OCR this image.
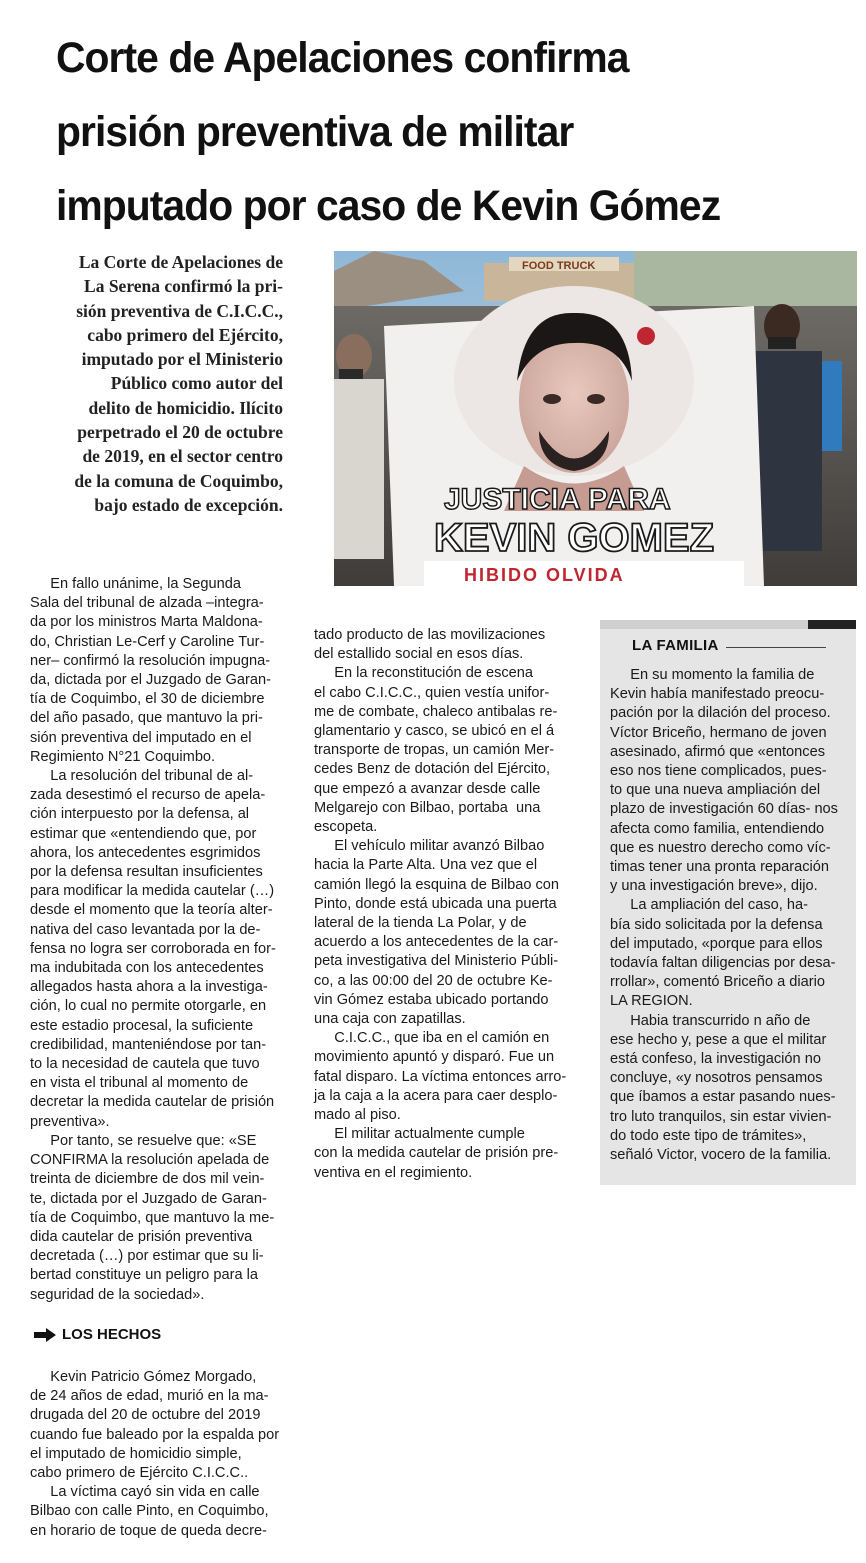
Corte de Apelaciones confirma
prisión preventiva de militar
imputado por caso de Kevin Gómez
La Corte de Apelaciones de
La Serena confirmó la pri-
sión preventiva de C.I.C.C.,
cabo primero del Ejército,
imputado por el Ministerio
Público como autor del
delito de homicidio. Ilícito
perpetrado el 20 de octubre
de 2019, en el sector centro
de la comuna de Coquimbo,
bajo estado de excepción.
FOOD TRUCK
JUSTICIA PARA
KEVIN GOMEZ
HIBIDO OLVIDA
En fallo unánime, la Segunda
Sala del tribunal de alzada –integra-
da por los ministros Marta Maldona-
do, Christian Le-Cerf y Caroline Tur-
ner– confirmó la resolución impugna-
da, dictada por el Juzgado de Garan-
tía de Coquimbo, el 30 de diciembre
del año pasado, que mantuvo la pri-
sión preventiva del imputado en el
Regimiento N°21 Coquimbo.
La resolución del tribunal de al-
zada desestimó el recurso de apela-
ción interpuesto por la defensa, al
estimar que «entendiendo que, por
ahora, los antecedentes esgrimidos
por la defensa resultan insuficientes
para modificar la medida cautelar (…)
desde el momento que la teoría alter-
nativa del caso levantada por la de-
fensa no logra ser corroborada en for-
ma indubitada con los antecedentes
allegados hasta ahora a la investiga-
ción, lo cual no permite otorgarle, en
este estadio procesal, la suficiente
credibilidad, manteniéndose por tan-
to la necesidad de cautela que tuvo
en vista el tribunal al momento de
decretar la medida cautelar de prisión
preventiva».
Por tanto, se resuelve que: «SE
CONFIRMA la resolución apelada de
treinta de diciembre de dos mil vein-
te, dictada por el Juzgado de Garan-
tía de Coquimbo, que mantuvo la me-
dida cautelar de prisión preventiva
decretada (…) por estimar que su li-
bertad constituye un peligro para la
seguridad de la sociedad».
LOS HECHOS
Kevin Patricio Gómez Morgado,
de 24 años de edad, murió en la ma-
drugada del 20 de octubre del 2019
cuando fue baleado por la espalda por
el imputado de homicidio simple,
cabo primero de Ejército C.I.C.C..
La víctima cayó sin vida en calle
Bilbao con calle Pinto, en Coquimbo,
en horario de toque de queda decre-
tado producto de las movilizaciones
del estallido social en esos días.
En la reconstitución de escena
el cabo C.I.C.C., quien vestía unifor-
me de combate, chaleco antibalas re-
glamentario y casco, se ubicó en el á
transporte de tropas, un camión Mer-
cedes Benz de dotación del Ejército,
que empezó a avanzar desde calle
Melgarejo con Bilbao, portaba  una
escopeta.
El vehículo militar avanzó Bilbao
hacia la Parte Alta. Una vez que el
camión llegó la esquina de Bilbao con
Pinto, donde está ubicada una puerta
lateral de la tienda La Polar, y de
acuerdo a los antecedentes de la car-
peta investigativa del Ministerio Públi-
co, a las 00:00 del 20 de octubre Ke-
vin Gómez estaba ubicado portando
una caja con zapatillas.
C.I.C.C., que iba en el camión en
movimiento apuntó y disparó. Fue un
fatal disparo. La víctima entonces arro-
ja la caja a la acera para caer desplo-
mado al piso.
El militar actualmente cumple
con la medida cautelar de prisión pre-
ventiva en el regimiento.
LA FAMILIA
En su momento la familia de
Kevin había manifestado preocu-
pación por la dilación del proceso.
Víctor Briceño, hermano de joven
asesinado, afirmó que «entonces
eso nos tiene complicados, pues-
to que una nueva ampliación del
plazo de investigación 60 días- nos
afecta como familia, entendiendo
que es nuestro derecho como víc-
timas tener una pronta reparación
y una investigación breve», dijo.
La ampliación del caso, ha-
bía sido solicitada por la defensa
del imputado, «porque para ellos
todavía faltan diligencias por desa-
rrollar», comentó Briceño a diario
LA REGION.
Habia transcurrido n año de
ese hecho y, pese a que el militar
está confeso, la investigación no
concluye, «y nosotros pensamos
que íbamos a estar pasando nues-
tro luto tranquilos, sin estar vivien-
do todo este tipo de trámites»,
señaló Victor, vocero de la familia.
